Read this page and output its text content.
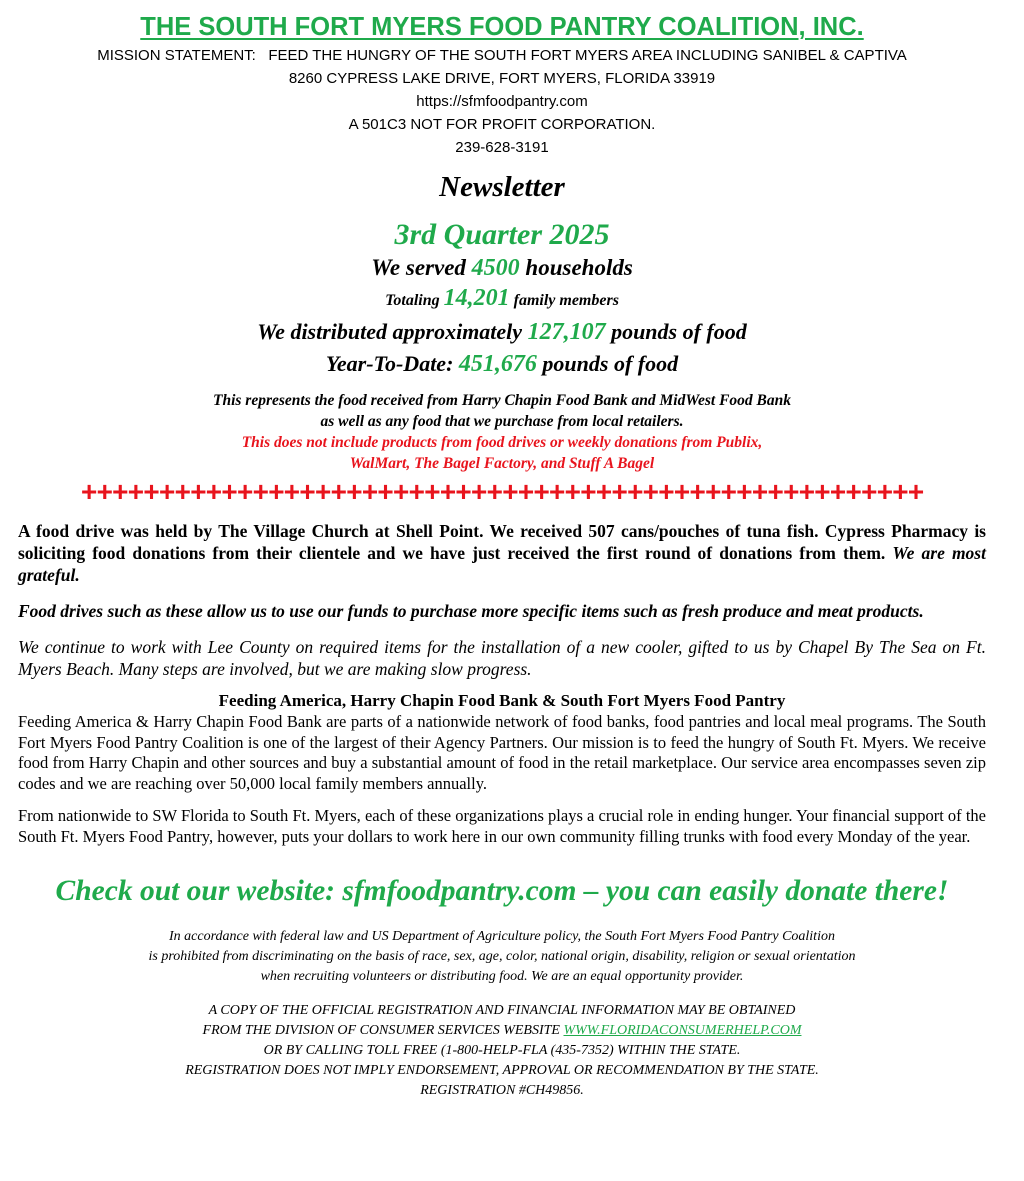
THE SOUTH FORT MYERS FOOD PANTRY COALITION, INC.
MISSION STATEMENT:   FEED THE HUNGRY OF THE SOUTH FORT MYERS AREA INCLUDING SANIBEL & CAPTIVA
8260 CYPRESS LAKE DRIVE, FORT MYERS, FLORIDA 33919
https://sfmfoodpantry.com
A 501C3 NOT FOR PROFIT CORPORATION.
239-628-3191
Newsletter
3rd Quarter 2025
We served 4500 households
Totaling 14,201 family members
We distributed approximately 127,107 pounds of food
Year-To-Date: 451,676 pounds of food
This represents the food received from Harry Chapin Food Bank and MidWest Food Bank
as well as any food that we purchase from local retailers.
This does not include products from food drives or weekly donations from Publix,
WalMart, The Bagel Factory, and Stuff A Bagel
++++++++++++++++++++++++++++++++++++++++++++++++++++++
A food drive was held by The Village Church at Shell Point. We received 507 cans/pouches of tuna fish. Cypress Pharmacy is soliciting food donations from their clientele and we have just received the first round of donations from them. We are most grateful.
Food drives such as these allow us to use our funds to purchase more specific items such as fresh produce and meat products.
We continue to work with Lee County on required items for the installation of a new cooler, gifted to us by Chapel By The Sea on Ft. Myers Beach. Many steps are involved, but we are making slow progress.
Feeding America, Harry Chapin Food Bank & South Fort Myers Food Pantry
Feeding America & Harry Chapin Food Bank are parts of a nationwide network of food banks, food pantries and local meal programs. The South Fort Myers Food Pantry Coalition is one of the largest of their Agency Partners. Our mission is to feed the hungry of South Ft. Myers. We receive food from Harry Chapin and other sources and buy a substantial amount of food in the retail marketplace. Our service area encompasses seven zip codes and we are reaching over 50,000 local family members annually.
From nationwide to SW Florida to South Ft. Myers, each of these organizations plays a crucial role in ending hunger. Your financial support of the South Ft. Myers Food Pantry, however, puts your dollars to work here in our own community filling trunks with food every Monday of the year.
Check out our website: sfmfoodpantry.com – you can easily donate there!
In accordance with federal law and US Department of Agriculture policy, the South Fort Myers Food Pantry Coalition
is prohibited from discriminating on the basis of race, sex, age, color, national origin, disability, religion or sexual orientation
when recruiting volunteers or distributing food. We are an equal opportunity provider.
A COPY OF THE OFFICIAL REGISTRATION AND FINANCIAL INFORMATION MAY BE OBTAINED
FROM THE DIVISION OF CONSUMER SERVICES WEBSITE WWW.FLORIDACONSUMERHELP.COM
OR BY CALLING TOLL FREE (1-800-HELP-FLA (435-7352) WITHIN THE STATE.
REGISTRATION DOES NOT IMPLY ENDORSEMENT, APPROVAL OR RECOMMENDATION BY THE STATE.
REGISTRATION #CH49856.
